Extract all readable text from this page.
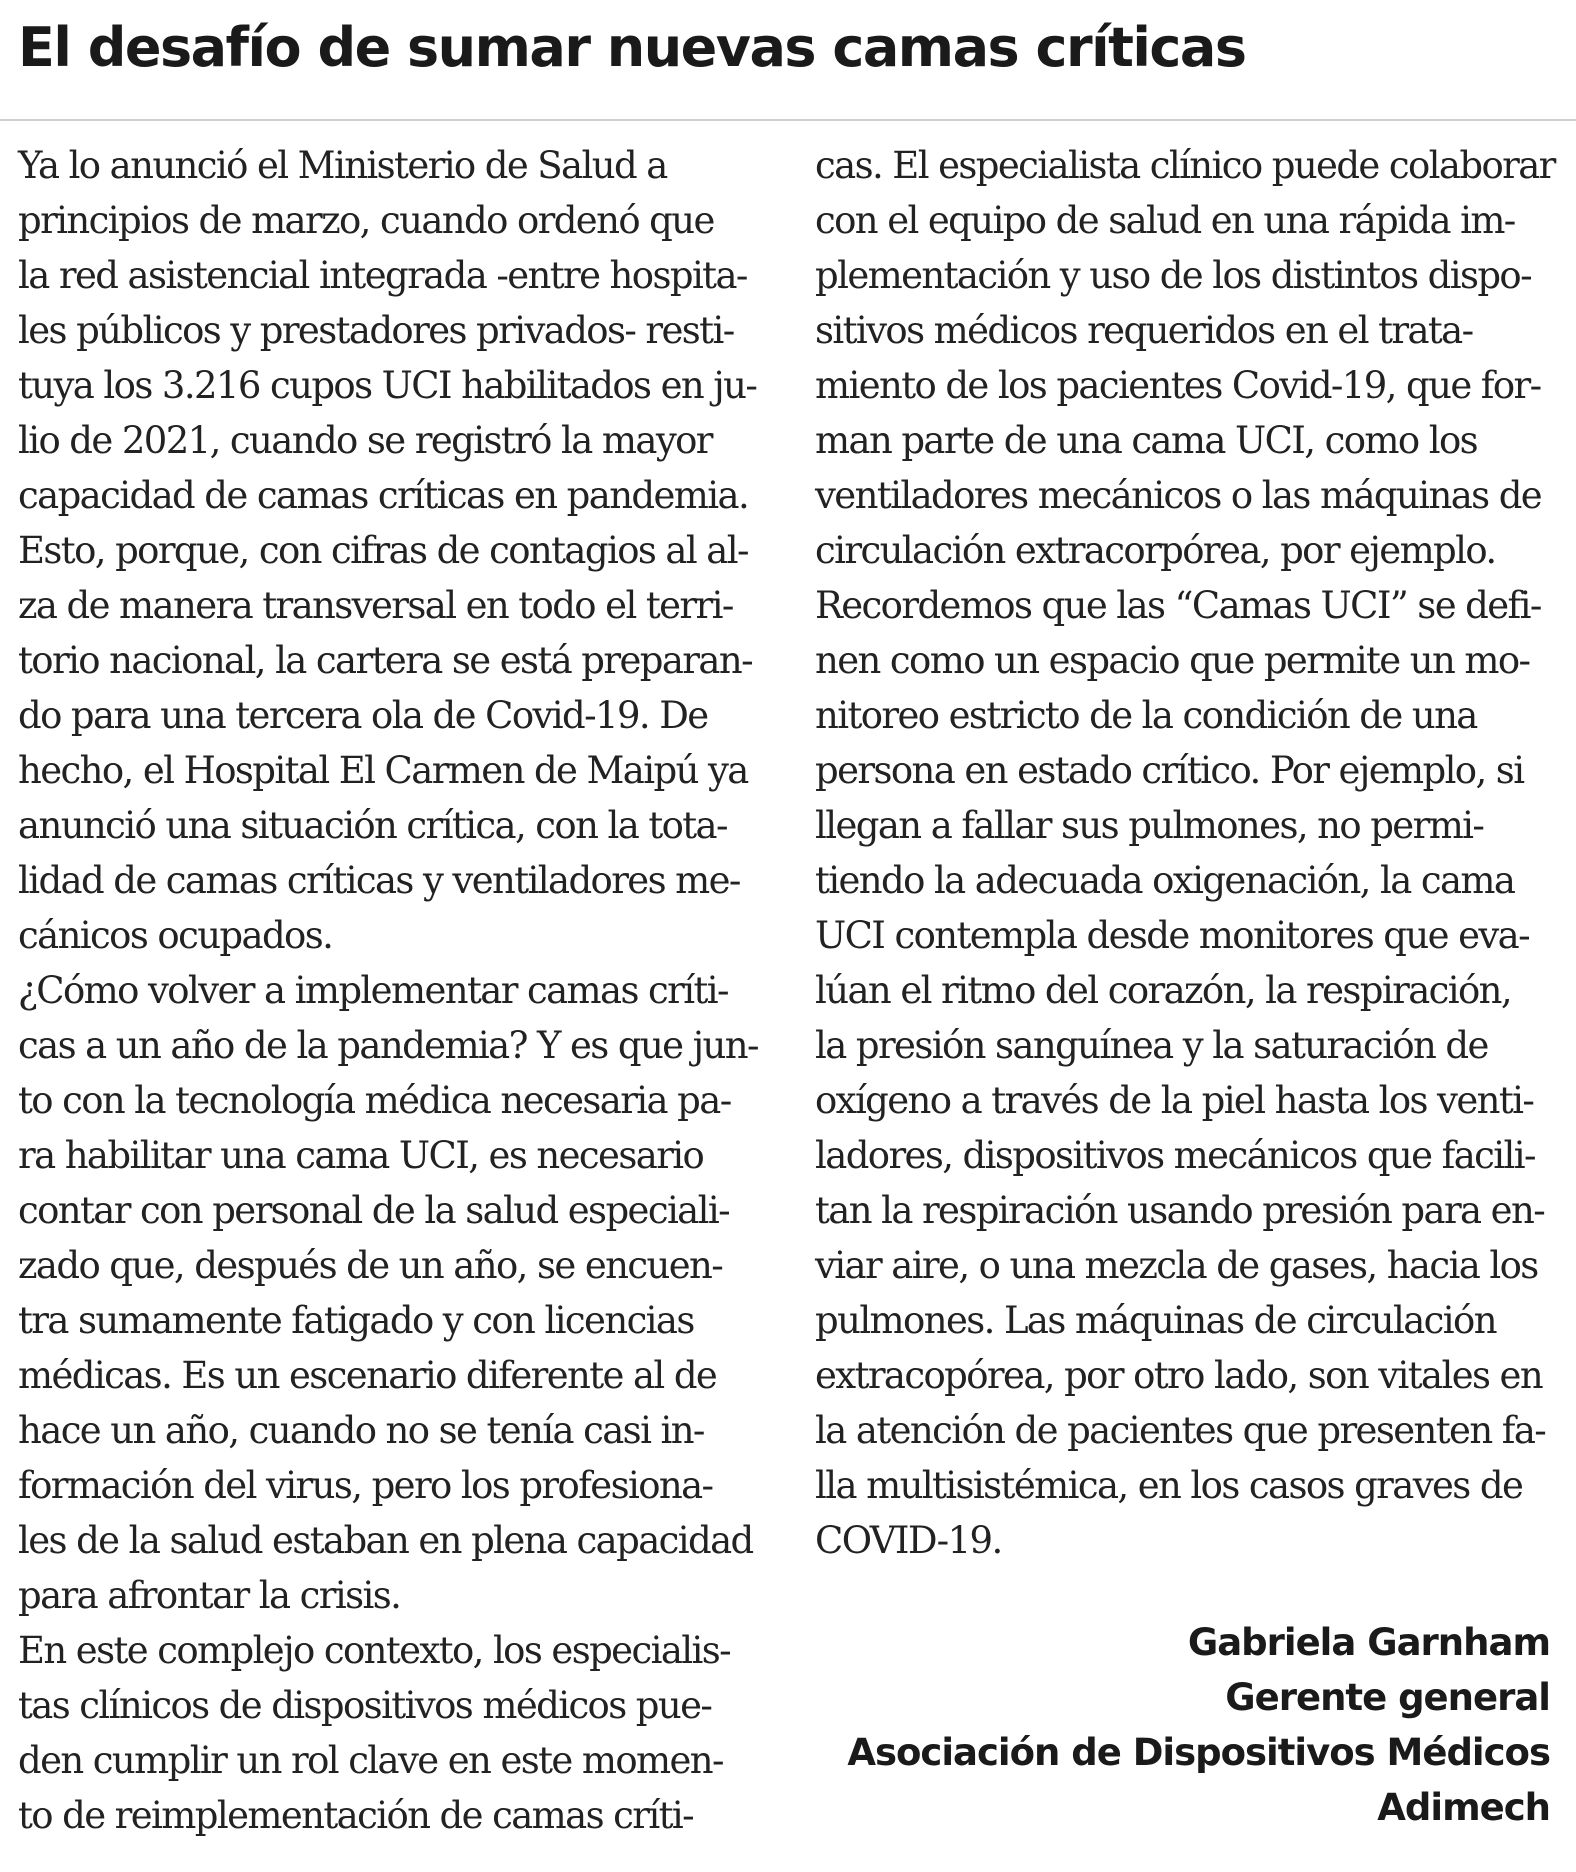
El desafío de sumar nuevas camas críticas
Ya lo anunció el Ministerio de Salud a
principios de marzo, cuando ordenó que
la red asistencial integrada -entre hospita-
les públicos y prestadores privados- resti-
tuya los 3.216 cupos UCI habilitados en ju-
lio de 2021, cuando se registró la mayor
capacidad de camas críticas en pandemia.
Esto, porque, con cifras de contagios al al-
za de manera transversal en todo el terri-
torio nacional, la cartera se está preparan-
do para una tercera ola de Covid-19. De
hecho, el Hospital El Carmen de Maipú ya
anunció una situación crítica, con la tota-
lidad de camas críticas y ventiladores me-
cánicos ocupados.
¿Cómo volver a implementar camas críti-
cas a un año de la pandemia? Y es que jun-
to con la tecnología médica necesaria pa-
ra habilitar una cama UCI, es necesario
contar con personal de la salud especiali-
zado que, después de un año, se encuen-
tra sumamente fatigado y con licencias
médicas. Es un escenario diferente al de
hace un año, cuando no se tenía casi in-
formación del virus, pero los profesiona-
les de la salud estaban en plena capacidad
para afrontar la crisis.
En este complejo contexto, los especialis-
tas clínicos de dispositivos médicos pue-
den cumplir un rol clave en este momen-
to de reimplementación de camas críti-
cas. El especialista clínico puede colaborar
con el equipo de salud en una rápida im-
plementación y uso de los distintos dispo-
sitivos médicos requeridos en el trata-
miento de los pacientes Covid-19, que for-
man parte de una cama UCI, como los
ventiladores mecánicos o las máquinas de
circulación extracorpórea, por ejemplo.
Recordemos que las “Camas UCI” se defi-
nen como un espacio que permite un mo-
nitoreo estricto de la condición de una
persona en estado crítico. Por ejemplo, si
llegan a fallar sus pulmones, no permi-
tiendo la adecuada oxigenación, la cama
UCI contempla desde monitores que eva-
lúan el ritmo del corazón, la respiración,
la presión sanguínea y la saturación de
oxígeno a través de la piel hasta los venti-
ladores, dispositivos mecánicos que facili-
tan la respiración usando presión para en-
viar aire, o una mezcla de gases, hacia los
pulmones. Las máquinas de circulación
extracopórea, por otro lado, son vitales en
la atención de pacientes que presenten fa-
lla multisistémica, en los casos graves de
COVID-19.
Gabriela Garnham
Gerente general
Asociación de Dispositivos Médicos
Adimech
